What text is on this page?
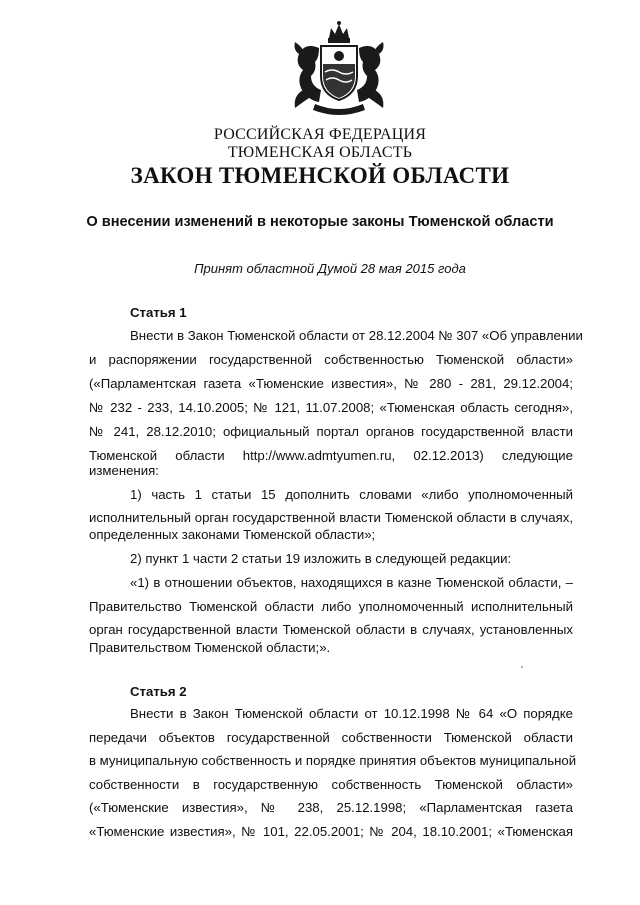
РОССИЙСКАЯ ФЕДЕРАЦИЯ
ТЮМЕНСКАЯ ОБЛАСТЬ
ЗАКОН ТЮМЕНСКОЙ ОБЛАСТИ
О внесении изменений в некоторые законы Тюменской области
Принят областной Думой 28 мая 2015 года
Статья 1
Внести в Закон Тюменской области от 28.12.2004 № 307 «Об управлении
и распоряжении государственной собственностью Тюменской области»
(«Парламентская газета «Тюменские известия», № 280 - 281, 29.12.2004;
№ 232 - 233, 14.10.2005; № 121, 11.07.2008; «Тюменская область сегодня»,
№ 241, 28.12.2010; официальный портал органов государственной власти
Тюменской области http://www.admtyumen.ru, 02.12.2013) следующие
изменения:
1) часть 1 статьи 15 дополнить словами «либо уполномоченный
исполнительный орган государственной власти Тюменской области в случаях,
определенных законами Тюменской области»;
2) пункт 1 части 2 статьи 19 изложить в следующей редакции:
«1) в отношении объектов, находящихся в казне Тюменской области, –
Правительство Тюменской области либо уполномоченный исполнительный
орган государственной власти Тюменской области в случаях, установленных
Правительством Тюменской области;».
Статья 2
Внести в Закон Тюменской области от 10.12.1998 № 64 «О порядке
передачи объектов государственной собственности Тюменской области
в муниципальную собственность и порядке принятия объектов муниципальной
собственности в государственную собственность Тюменской области»
(«Тюменские известия», № 238, 25.12.1998; «Парламентская газета
«Тюменские известия», № 101, 22.05.2001; № 204, 18.10.2001; «Тюменская
